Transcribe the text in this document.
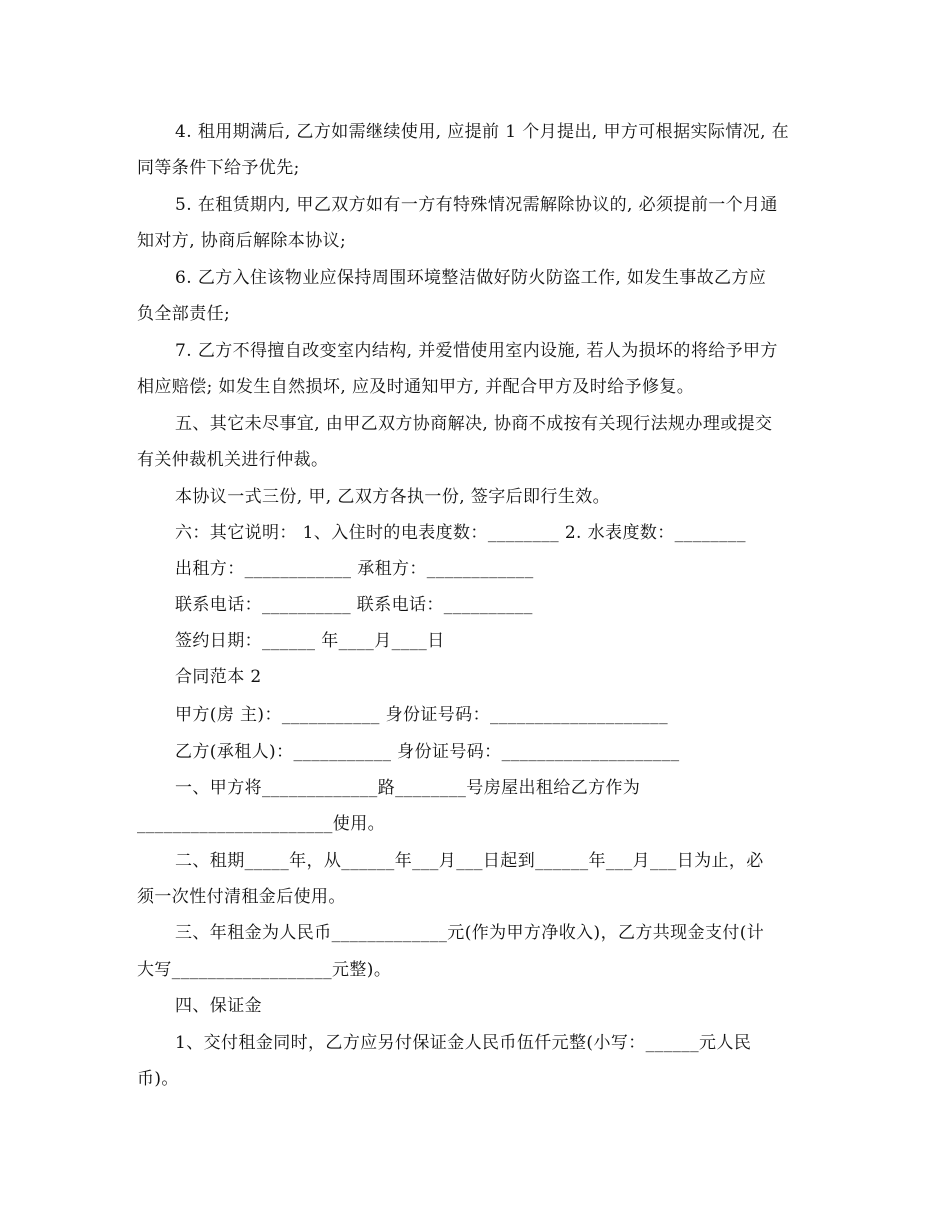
4. 租用期满后, 乙方如需继续使用, 应提前 1 个月提出, 甲方可根据实际情况, 在
同等条件下给予优先;
5. 在租赁期内, 甲乙双方如有一方有特殊情况需解除协议的, 必须提前一个月通
知对方, 协商后解除本协议;
6. 乙方入住该物业应保持周围环境整洁做好防火防盗工作, 如发生事故乙方应
负全部责任;
7. 乙方不得擅自改变室内结构, 并爱惜使用室内设施, 若人为损坏的将给予甲方
相应赔偿; 如发生自然损坏, 应及时通知甲方, 并配合甲方及时给予修复。
五、其它未尽事宜, 由甲乙双方协商解决, 协商不成按有关现行法规办理或提交
有关仲裁机关进行仲裁。
本协议一式三份, 甲, 乙双方各执一份, 签字后即行生效。
六：其它说明： 1、入住时的电表度数：________ 2. 水表度数：________
出租方：____________ 承租方：____________
联系电话：__________ 联系电话：__________
签约日期：______ 年____月____日
合同范本 2
甲方(房 主)：___________ 身份证号码：____________________
乙方(承租人)：___________ 身份证号码：____________________
一、甲方将_____________路________号房屋出租给乙方作为
______________________使用。
二、租期_____年，从______年___月___日起到______年___月___日为止，必
须一次性付清租金后使用。
三、年租金为人民币_____________元(作为甲方净收入)，乙方共现金支付(计
大写__________________元整)。
四、保证金
1、交付租金同时，乙方应另付保证金人民币伍仟元整(小写：______元人民
币)。
